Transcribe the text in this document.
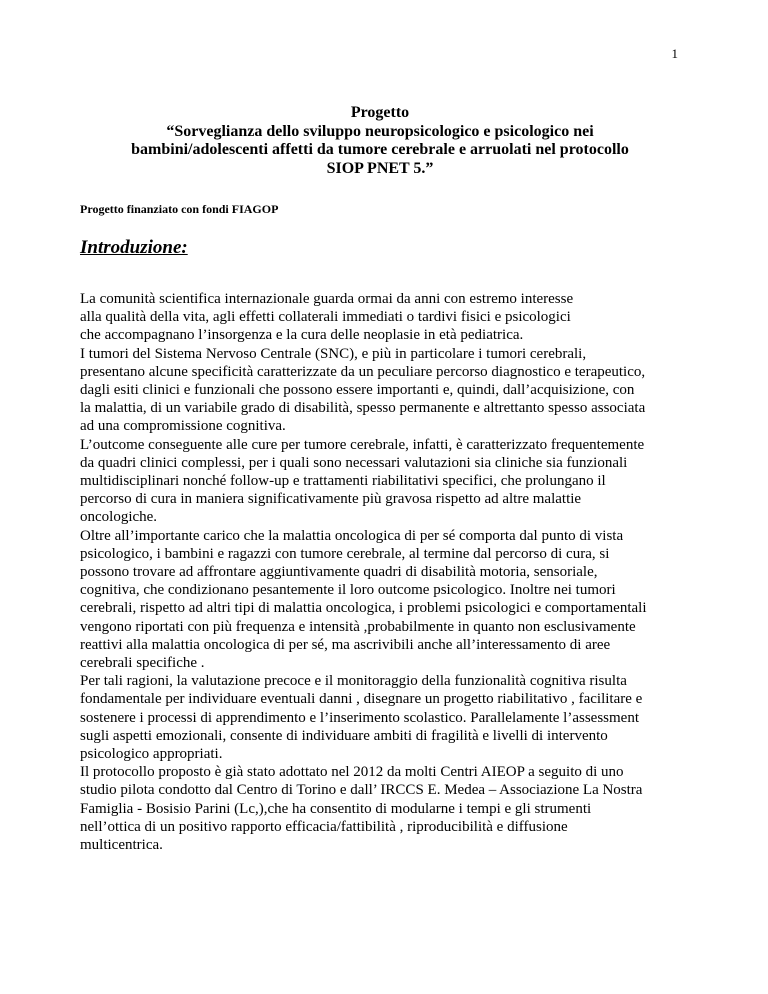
1
Progetto
“Sorveglianza dello sviluppo neuropsicologico e psicologico nei
bambini/adolescenti affetti da tumore cerebrale e arruolati nel protocollo
SIOP PNET 5.”
Progetto finanziato con fondi FIAGOP
Introduzione:
La comunità scientifica internazionale guarda ormai da anni con estremo interesse
alla qualità della vita, agli effetti collaterali immediati o tardivi fisici e psicologici
che accompagnano l’insorgenza e la cura delle neoplasie in età pediatrica.
I tumori del Sistema Nervoso Centrale (SNC), e più in particolare i tumori cerebrali,
presentano alcune specificità caratterizzate da un peculiare percorso diagnostico e terapeutico,
dagli esiti clinici e funzionali che possono essere importanti e, quindi, dall’acquisizione, con
la malattia, di un variabile grado di disabilità, spesso permanente e altrettanto spesso associata
ad una compromissione cognitiva.
L’outcome conseguente alle cure per tumore cerebrale, infatti, è caratterizzato frequentemente
da quadri clinici complessi, per i quali sono necessari valutazioni sia cliniche sia funzionali
multidisciplinari nonché follow-up e trattamenti riabilitativi specifici, che prolungano il
percorso di cura in maniera significativamente più gravosa rispetto ad altre malattie
oncologiche.
Oltre all’importante carico che la malattia oncologica di per sé comporta dal punto di vista
psicologico, i bambini e ragazzi con tumore cerebrale, al termine dal percorso di cura, si
possono trovare ad affrontare aggiuntivamente quadri di disabilità motoria, sensoriale,
cognitiva, che condizionano pesantemente il loro outcome psicologico. Inoltre nei tumori
cerebrali, rispetto ad altri tipi di malattia oncologica, i problemi psicologici e comportamentali
vengono riportati con più frequenza e intensità ,probabilmente in quanto non esclusivamente
reattivi alla malattia oncologica di per sé, ma ascrivibili anche all’interessamento di aree
cerebrali specifiche .
Per tali ragioni, la valutazione precoce e il monitoraggio della funzionalità cognitiva risulta
fondamentale per individuare eventuali danni , disegnare un progetto riabilitativo , facilitare e
sostenere i processi di apprendimento e l’inserimento scolastico. Parallelamente l’assessment
sugli aspetti emozionali, consente di individuare ambiti di fragilità e livelli di intervento
psicologico appropriati.
Il protocollo proposto è già stato adottato nel 2012 da molti Centri AIEOP a seguito di uno
studio pilota condotto dal Centro di Torino e dall’ IRCCS E. Medea – Associazione La Nostra
Famiglia - Bosisio Parini (Lc,),che ha consentito di modularne i tempi e gli strumenti
nell’ottica di un positivo rapporto efficacia/fattibilità , riproducibilità e diffusione
multicentrica.
